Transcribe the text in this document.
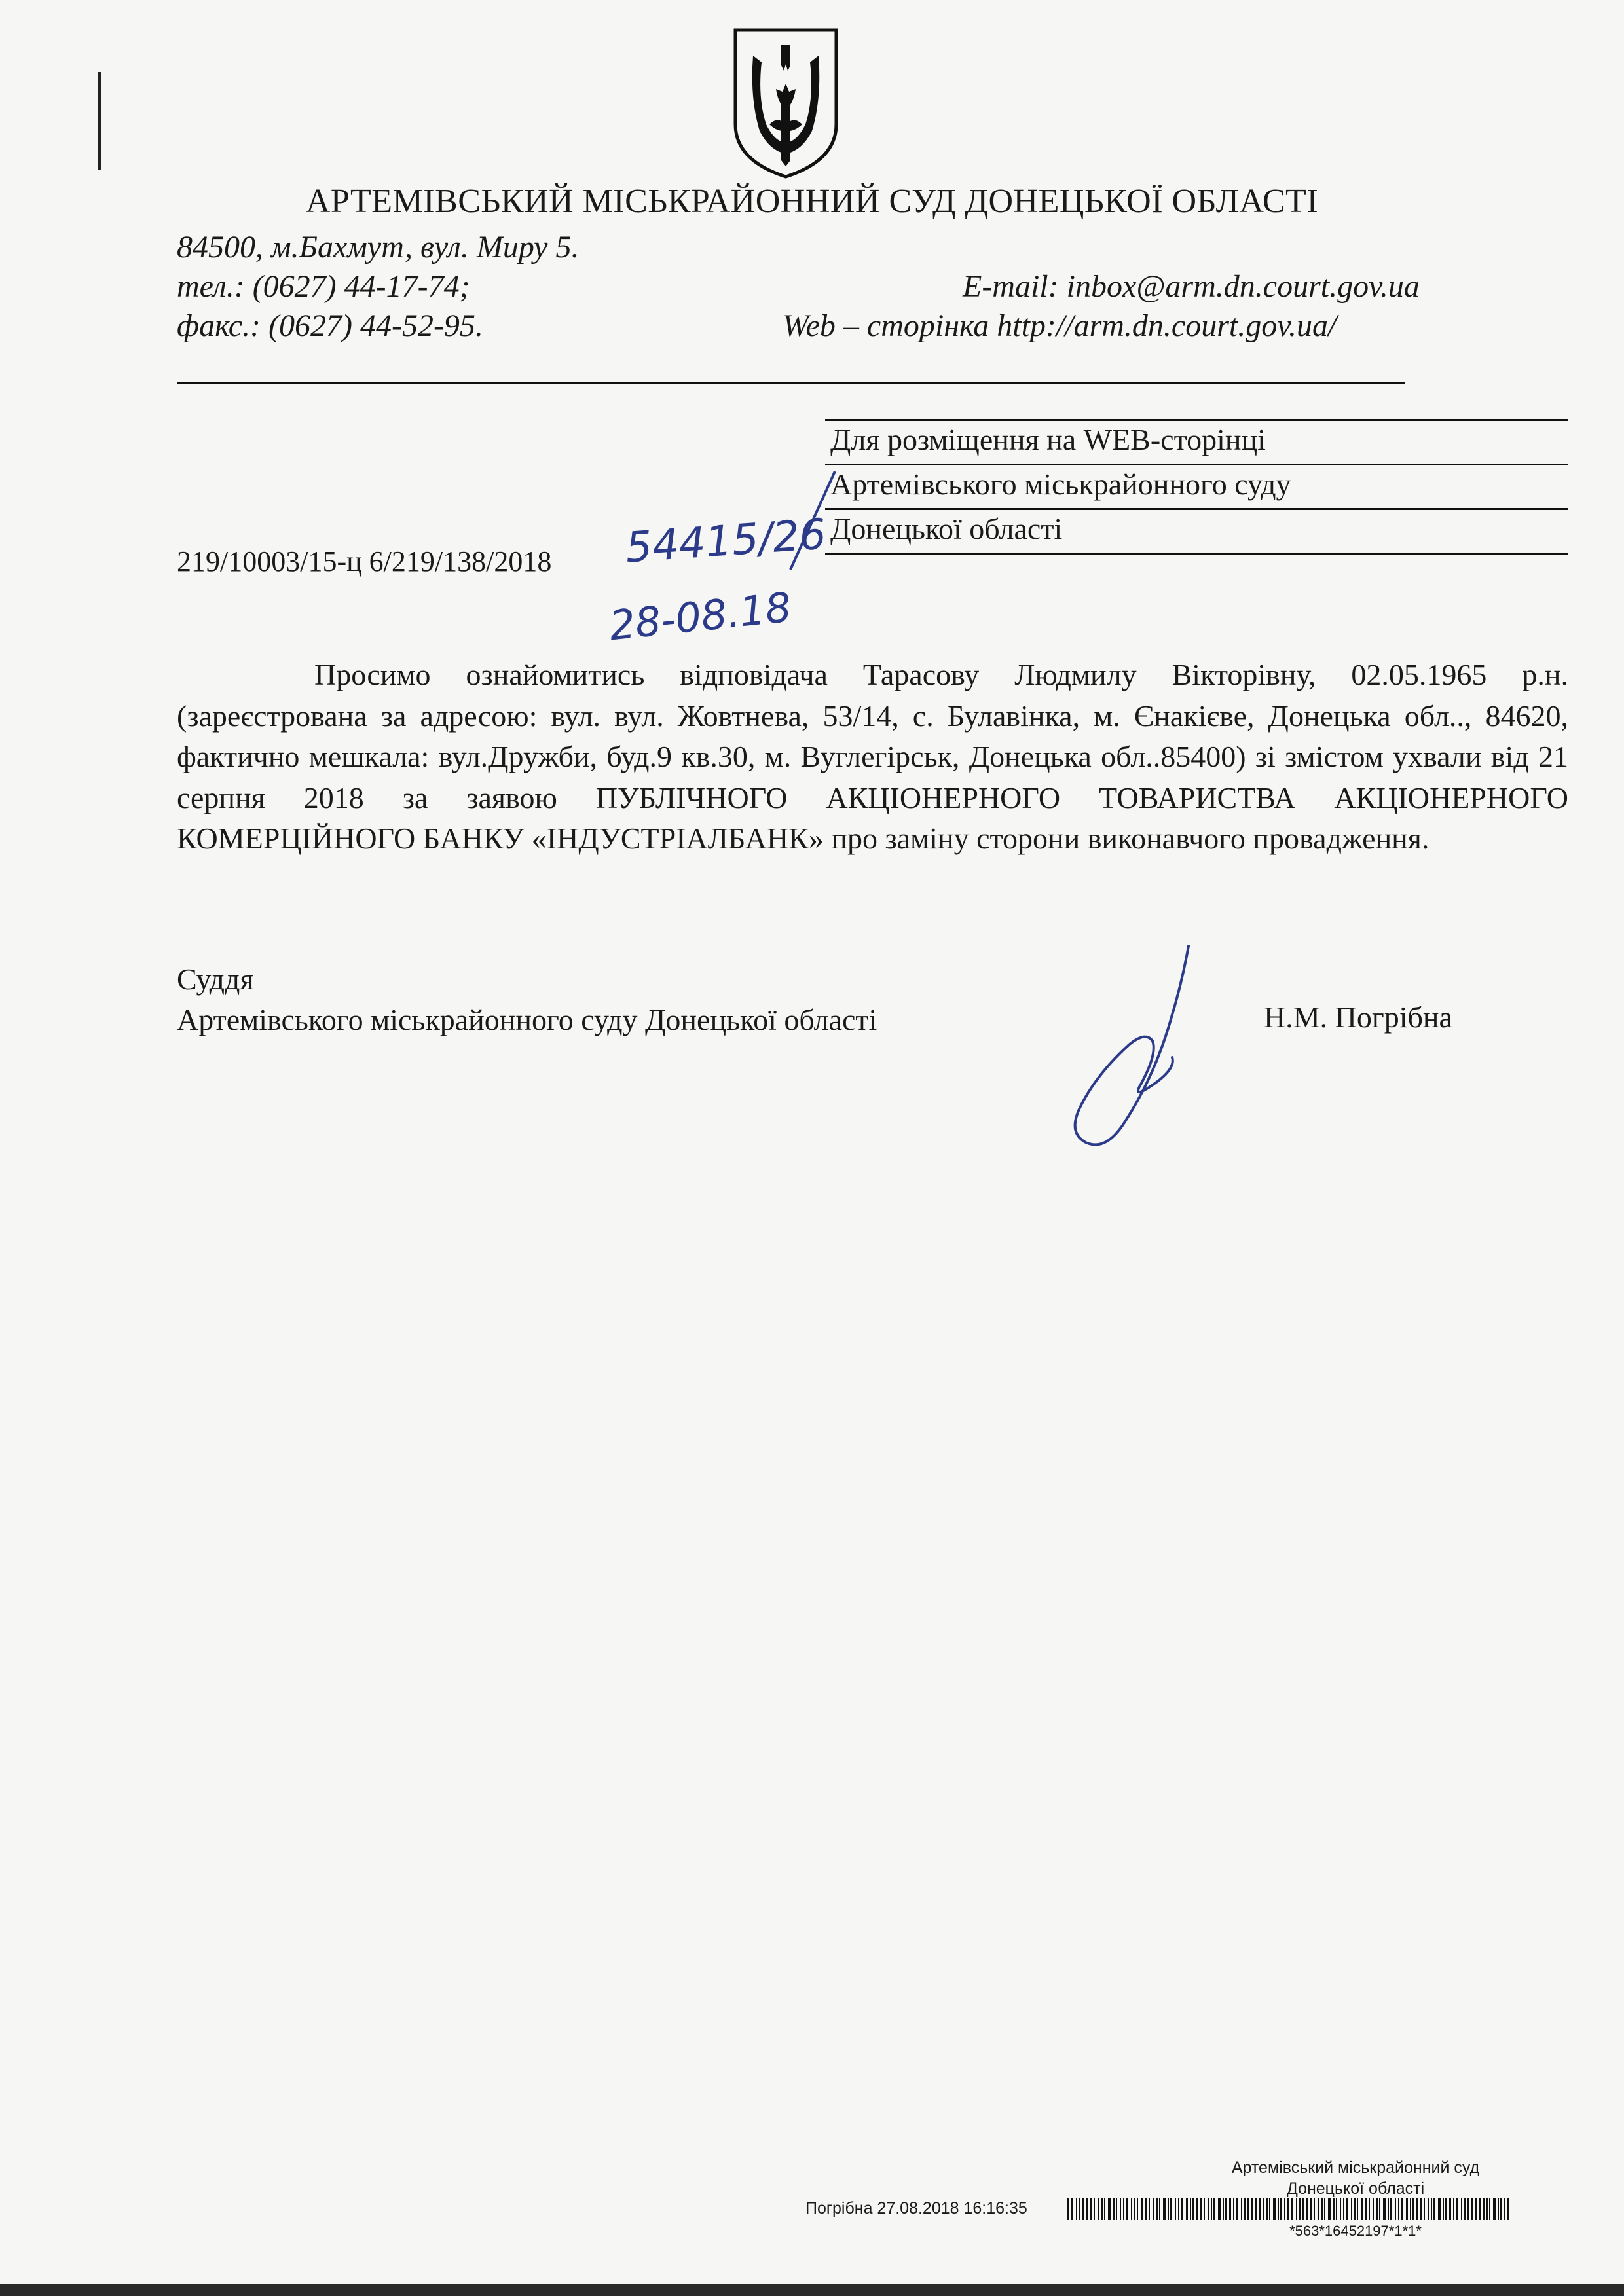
АРТЕМІВСЬКИЙ МІСЬКРАЙОННИЙ СУД ДОНЕЦЬКОЇ ОБЛАСТІ
84500, м.Бахмут, вул. Миру 5.
тел.: (0627) 44-17-74;	E-mail: inbox@arm.dn.court.gov.ua
факс.: (0627) 44-52-95.	Web – сторінка http://arm.dn.court.gov.ua/
Для розміщення на WEB-сторінці
Артемівського міськрайонного суду
Донецької області
219/10003/15-ц 6/219/138/2018 54415/26
28-08.18

Просимо ознайомитись відповідача Тарасову Людмилу Вікторівну, 02.05.1965 р.н. (зареєстрована за адресою: вул. вул. Жовтнева, 53/14, с. Булавінка, м. Єнакієве, Донецька обл.., 84620, фактично мешкала: вул.Дружби, буд.9 кв.30, м. Вуглегірськ, Донецька обл..85400) зі змістом ухвали від 21 серпня 2018 за заявою ПУБЛІЧНОГО АКЦІОНЕРНОГО ТОВАРИСТВА АКЦІОНЕРНОГО КОМЕРЦІЙНОГО БАНКУ «ІНДУСТРІАЛБАНК» про заміну сторони виконавчого провадження.

Суддя
Артемівського міськрайонного суду Донецької області	Н.М. Погрібна
Артемівський міськрайонний суд
Донецької області
Погрібна 27.08.2018 16:16:35
*563*16452197*1*1*
